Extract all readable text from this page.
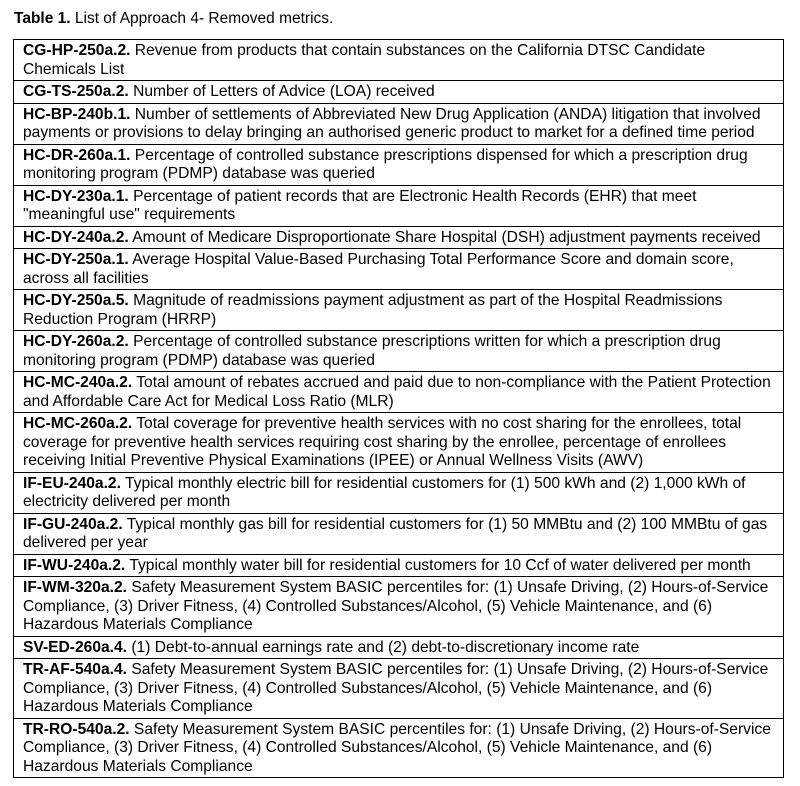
Table 1. List of Approach 4- Removed metrics.
CG-HP-250a.2. Revenue from products that contain substances on the California DTSC Candidate Chemicals List
CG-TS-250a.2. Number of Letters of Advice (LOA) received
HC-BP-240b.1. Number of settlements of Abbreviated New Drug Application (ANDA) litigation that involved payments or provisions to delay bringing an authorised generic product to market for a defined time period
HC-DR-260a.1. Percentage of controlled substance prescriptions dispensed for which a prescription drug monitoring program (PDMP) database was queried
HC-DY-230a.1. Percentage of patient records that are Electronic Health Records (EHR) that meet "meaningful use" requirements
HC-DY-240a.2. Amount of Medicare Disproportionate Share Hospital (DSH) adjustment payments received
HC-DY-250a.1. Average Hospital Value-Based Purchasing Total Performance Score and domain score, across all facilities
HC-DY-250a.5. Magnitude of readmissions payment adjustment as part of the Hospital Readmissions Reduction Program (HRRP)
HC-DY-260a.2. Percentage of controlled substance prescriptions written for which a prescription drug monitoring program (PDMP) database was queried
HC-MC-240a.2. Total amount of rebates accrued and paid due to non-compliance with the Patient Protection and Affordable Care Act for Medical Loss Ratio (MLR)
HC-MC-260a.2. Total coverage for preventive health services with no cost sharing for the enrollees, total coverage for preventive health services requiring cost sharing by the enrollee, percentage of enrollees receiving Initial Preventive Physical Examinations (IPEE) or Annual Wellness Visits (AWV)
IF-EU-240a.2. Typical monthly electric bill for residential customers for (1) 500 kWh and (2) 1,000 kWh of electricity delivered per month
IF-GU-240a.2. Typical monthly gas bill for residential customers for (1) 50 MMBtu and (2) 100 MMBtu of gas delivered per year
IF-WU-240a.2. Typical monthly water bill for residential customers for 10 Ccf of water delivered per month
IF-WM-320a.2. Safety Measurement System BASIC percentiles for: (1) Unsafe Driving, (2) Hours-of-Service Compliance, (3) Driver Fitness, (4) Controlled Substances/Alcohol, (5) Vehicle Maintenance, and (6) Hazardous Materials Compliance
SV-ED-260a.4. (1) Debt-to-annual earnings rate and (2) debt-to-discretionary income rate
TR-AF-540a.4. Safety Measurement System BASIC percentiles for: (1) Unsafe Driving, (2) Hours-of-Service Compliance, (3) Driver Fitness, (4) Controlled Substances/Alcohol, (5) Vehicle Maintenance, and (6) Hazardous Materials Compliance
TR-RO-540a.2. Safety Measurement System BASIC percentiles for: (1) Unsafe Driving, (2) Hours-of-Service Compliance, (3) Driver Fitness, (4) Controlled Substances/Alcohol, (5) Vehicle Maintenance, and (6) Hazardous Materials Compliance
